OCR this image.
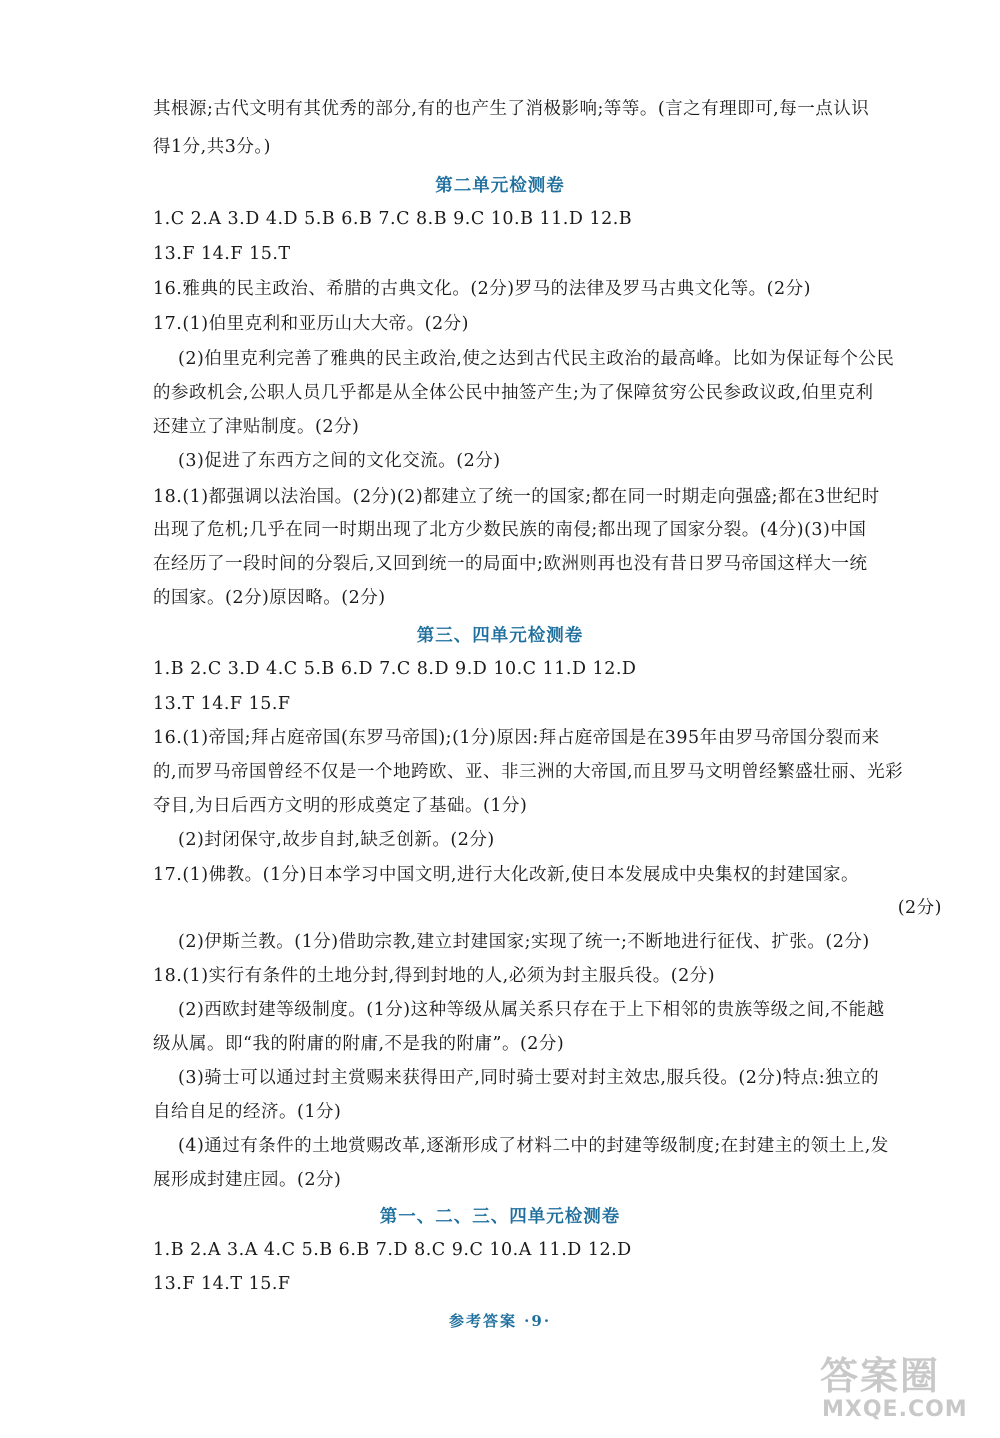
其根源;古代文明有其优秀的部分,有的也产生了消极影响;等等。(言之有理即可,每一点认识
得1分,共3分。)
第二单元检测卷
1.C 2.A 3.D 4.D 5.B 6.B 7.C 8.B 9.C 10.B 11.D 12.B
13.F 14.F 15.T
16.雅典的民主政治、希腊的古典文化。(2分)罗马的法律及罗马古典文化等。(2分)
17.(1)伯里克利和亚历山大大帝。(2分)
(2)伯里克利完善了雅典的民主政治,使之达到古代民主政治的最高峰。比如为保证每个公民
的参政机会,公职人员几乎都是从全体公民中抽签产生;为了保障贫穷公民参政议政,伯里克利
还建立了津贴制度。(2分)
(3)促进了东西方之间的文化交流。(2分)
18.(1)都强调以法治国。(2分)(2)都建立了统一的国家;都在同一时期走向强盛;都在3世纪时
出现了危机;几乎在同一时期出现了北方少数民族的南侵;都出现了国家分裂。(4分)(3)中国
在经历了一段时间的分裂后,又回到统一的局面中;欧洲则再也没有昔日罗马帝国这样大一统
的国家。(2分)原因略。(2分)
第三、四单元检测卷
1.B 2.C 3.D 4.C 5.B 6.D 7.C 8.D 9.D 10.C 11.D 12.D
13.T 14.F 15.F
16.(1)帝国;拜占庭帝国(东罗马帝国);(1分)原因:拜占庭帝国是在395年由罗马帝国分裂而来
的,而罗马帝国曾经不仅是一个地跨欧、亚、非三洲的大帝国,而且罗马文明曾经繁盛壮丽、光彩
夺目,为日后西方文明的形成奠定了基础。(1分)
(2)封闭保守,故步自封,缺乏创新。(2分)
17.(1)佛教。(1分)日本学习中国文明,进行大化改新,使日本发展成中央集权的封建国家。
(2分)
(2)伊斯兰教。(1分)借助宗教,建立封建国家;实现了统一;不断地进行征伐、扩张。(2分)
18.(1)实行有条件的土地分封,得到封地的人,必须为封主服兵役。(2分)
(2)西欧封建等级制度。(1分)这种等级从属关系只存在于上下相邻的贵族等级之间,不能越
级从属。即“我的附庸的附庸,不是我的附庸”。(2分)
(3)骑士可以通过封主赏赐来获得田产,同时骑士要对封主效忠,服兵役。(2分)特点:独立的
自给自足的经济。(1分)
(4)通过有条件的土地赏赐改革,逐渐形成了材料二中的封建等级制度;在封建主的领土上,发
展形成封建庄园。(2分)
第一、二、三、四单元检测卷
1.B 2.A 3.A 4.C 5.B 6.B 7.D 8.C 9.C 10.A 11.D 12.D
13.F 14.T 15.F
参考答案 ·9·
答案圈
MXQE.COM
